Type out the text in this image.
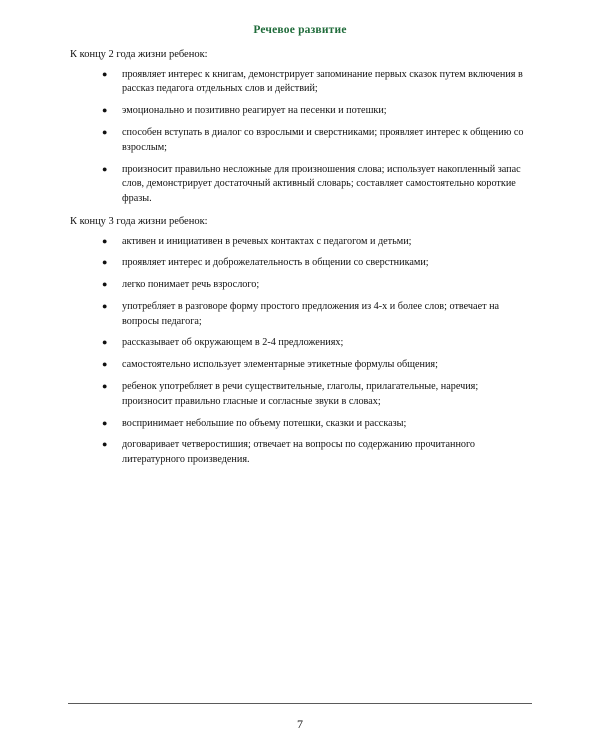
Речевое развитие
К концу 2 года жизни ребенок:
● проявляет интерес к книгам, демонстрирует запоминание первых сказок путем включения в рассказ педагога отдельных слов и действий;
● эмоционально и позитивно реагирует на песенки и потешки;
● способен вступать в диалог со взрослыми и сверстниками; проявляет интерес к общению со взрослым;
● произносит правильно несложные для произношения слова; использует накопленный запас слов, демонстрирует достаточный активный словарь; составляет самостоятельно короткие фразы.
К концу 3 года жизни ребенок:
● активен и инициативен в речевых контактах с педагогом и детьми;
● проявляет интерес и доброжелательность в общении со сверстниками;
● легко понимает речь взрослого;
● употребляет в разговоре форму простого предложения из 4-х и более слов; отвечает на вопросы педагога;
● рассказывает об окружающем в 2-4 предложениях;
● самостоятельно использует элементарные этикетные формулы общения;
● ребенок употребляет в речи существительные, глаголы, прилагательные, наречия; произносит правильно гласные и согласные звуки в словах;
● воспринимает небольшие по объему потешки, сказки и рассказы;
● договаривает четверостишия; отвечает на вопросы по содержанию прочитанного литературного произведения.
7
